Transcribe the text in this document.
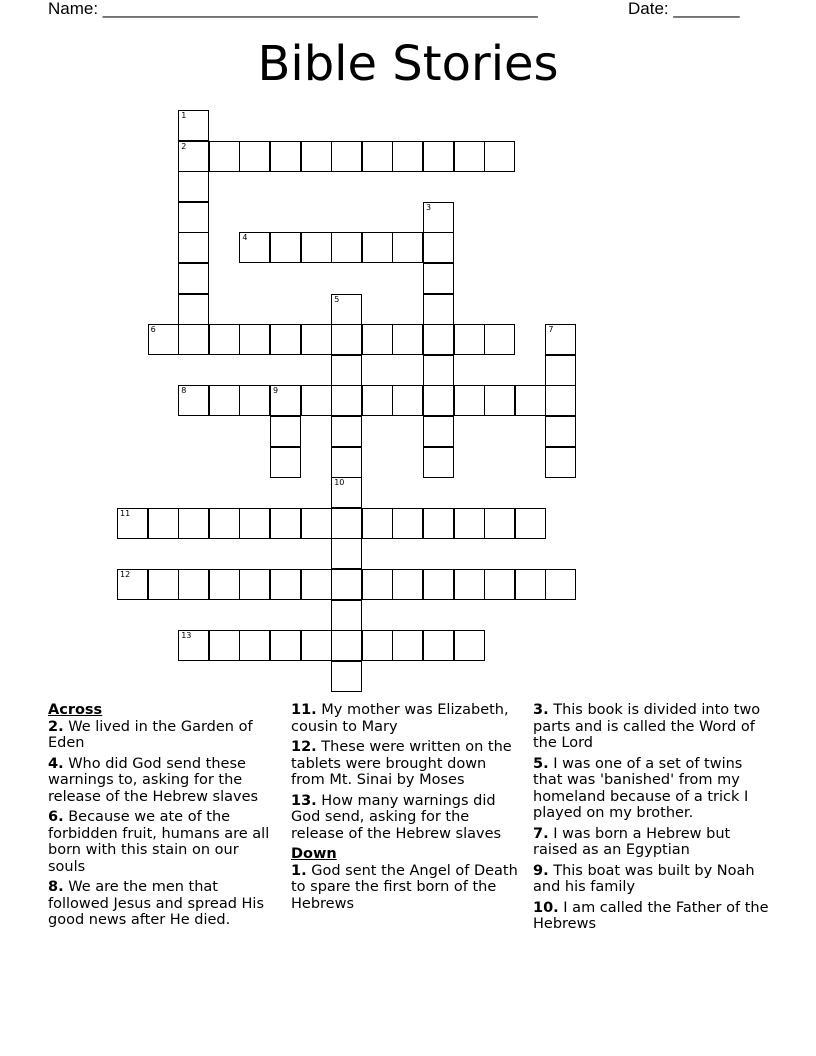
Name: ______________________________________________	Date: _______
Bible Stories
1
2
3
4
5
6	7
8	9
10
11
12
13

Across

2. We lived in the Garden of Eden

4. Who did God send these warnings to, asking for the release of the Hebrew slaves

6. Because we ate of the forbidden fruit, humans are all born with this stain on our souls

8. We are the men that followed Jesus and spread His good news after He died.

11. My mother was Elizabeth, cousin to Mary

12. These were written on the tablets were brought down from Mt. Sinai by Moses

13. How many warnings did God send, asking for the release of the Hebrew slaves

Down

1. God sent the Angel of Death to spare the first born of the Hebrews

3. This book is divided into two parts and is called the Word of the Lord

5. I was one of a set of twins that was 'banished' from my homeland because of a trick I played on my brother.

7. I was born a Hebrew but raised as an Egyptian

9. This boat was built by Noah and his family

10. I am called the Father of the Hebrews
